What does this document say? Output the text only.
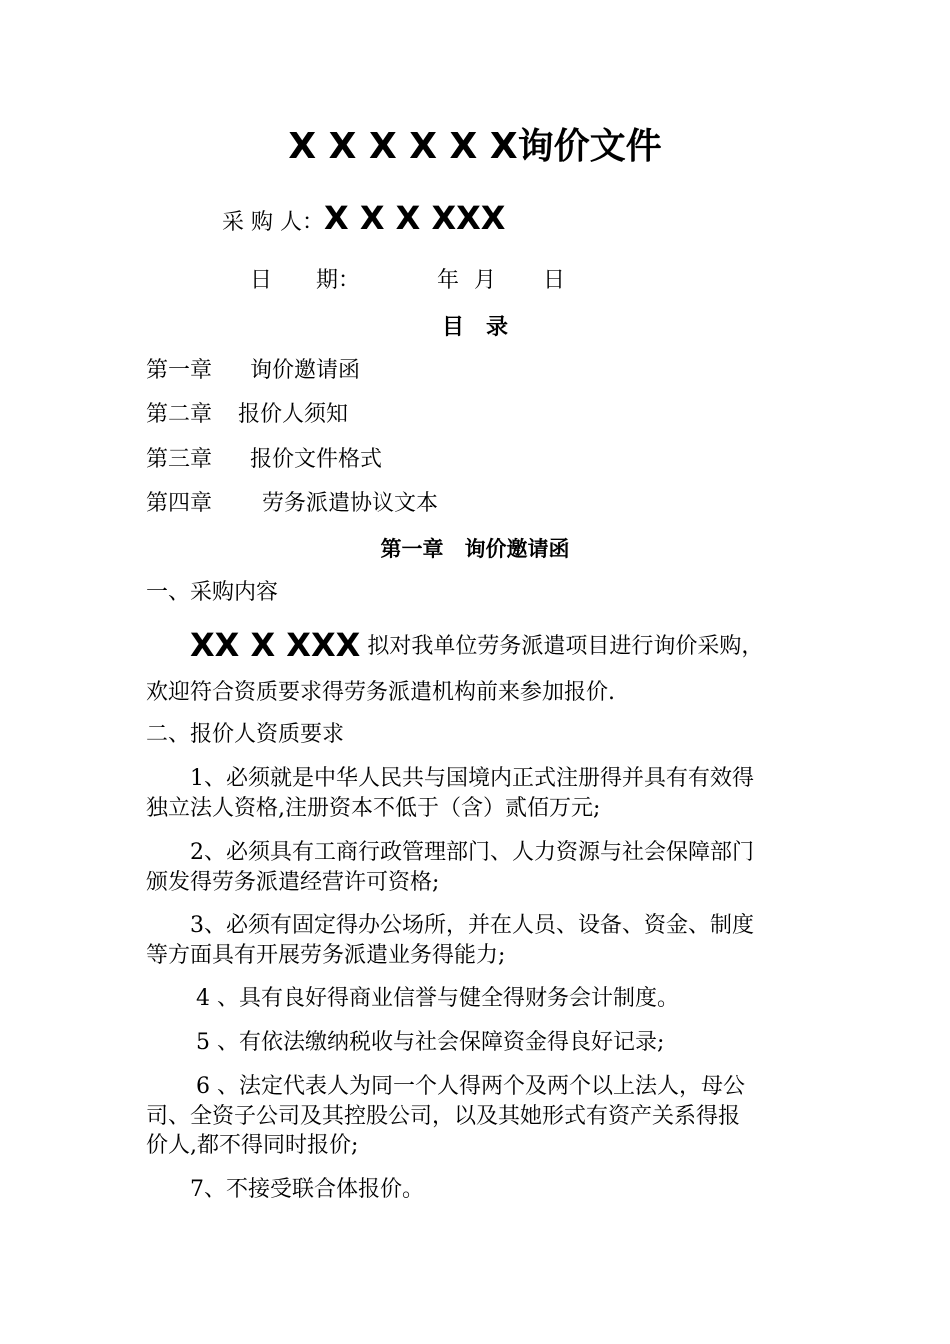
X X X X X X询价文件
采 购 人：X X X XXX
日　　期：	年 月 日
目　录
第一章 询价邀请函
第二章 报价人须知
第三章 报价文件格式
第四章 劳务派遣协议文本
第一章　询价邀请函
一、采购内容
XX X XXX 拟对我单位劳务派遣项目进行询价采购，
欢迎符合资质要求得劳务派遣机构前来参加报价.
二、报价人资质要求
1、必须就是中华人民共与国境内正式注册得并具有有效得
独立法人资格,注册资本不低于（含）贰佰万元;
2、必须具有工商行政管理部门、人力资源与社会保障部门
颁发得劳务派遣经营许可资格;
3、必须有固定得办公场所，并在人员、设备、资金、制度
等方面具有开展劳务派遣业务得能力;
4 、具有良好得商业信誉与健全得财务会计制度。
5 、有依法缴纳税收与社会保障资金得良好记录;
6 、法定代表人为同一个人得两个及两个以上法人，母公
司、全资子公司及其控股公司，以及其她形式有资产关系得报
价人,都不得同时报价;
7、不接受联合体报价。
